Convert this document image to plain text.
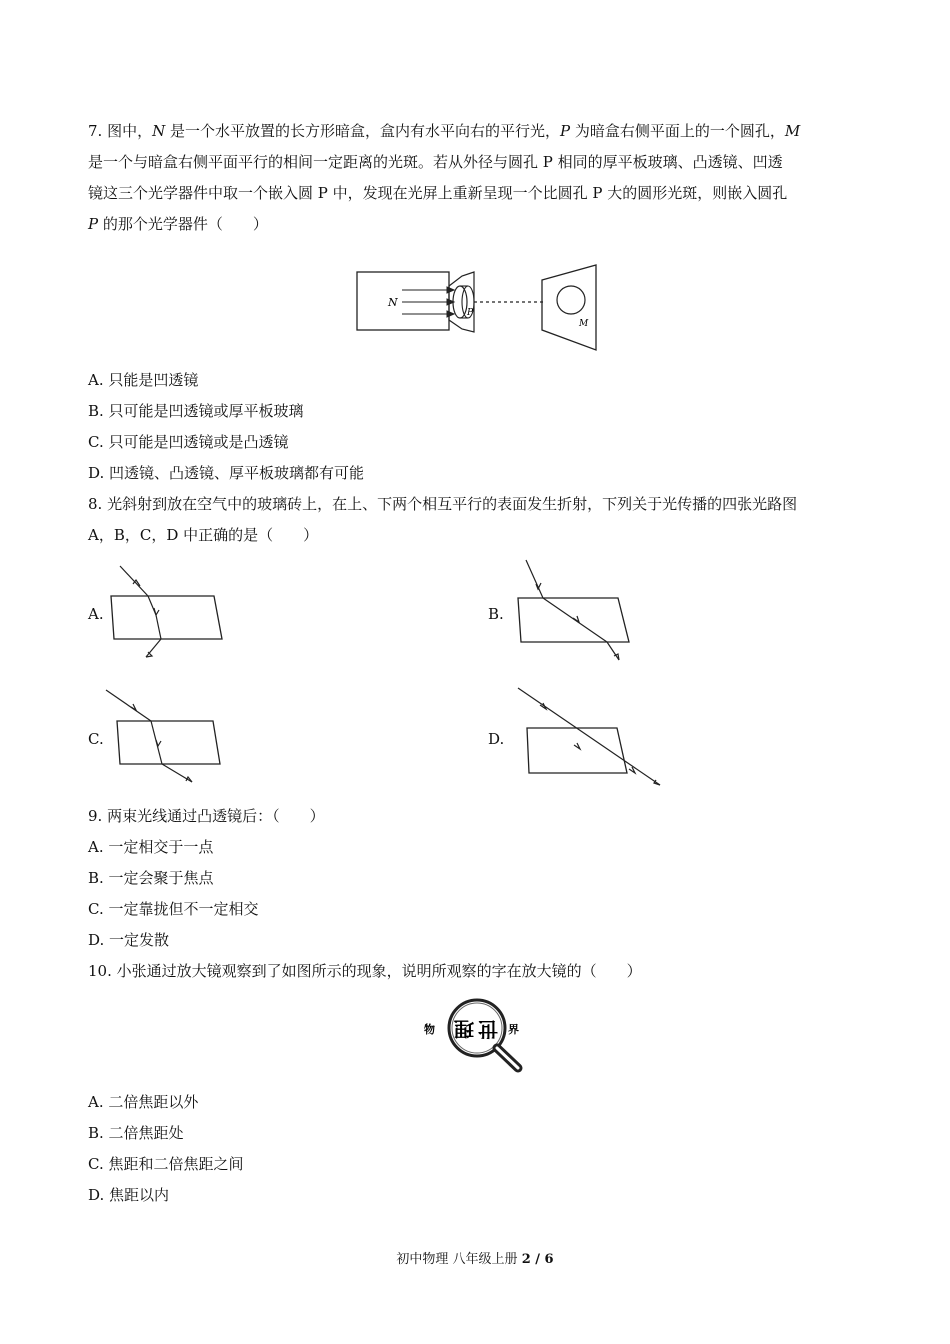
7. 图中，N 是一个水平放置的长方形暗盒，盒内有水平向右的平行光，P 为暗盒右侧平面上的一个圆孔，M
是一个与暗盒右侧平面平行的相间一定距离的光斑。若从外径与圆孔 P 相同的厚平板玻璃、凸透镜、凹透
镜这三个光学器件中取一个嵌入圆 P 中，发现在光屏上重新呈现一个比圆孔 P 大的圆形光斑，则嵌入圆孔
P 的那个光学器件（　　）
N
P
M
A. 只能是凹透镜
B. 只可能是凹透镜或厚平板玻璃
C. 只可能是凹透镜或是凸透镜
D. 凹透镜、凸透镜、厚平板玻璃都有可能
8. 光斜射到放在空气中的玻璃砖上，在上、下两个相互平行的表面发生折射，下列关于光传播的四张光路图
A，B，C，D 中正确的是（　　）
A.	B.
C.	D.
9. 两束光线通过凸透镜后：（　　）
A. 一定相交于一点
B. 一定会聚于焦点
C. 一定靠拢但不一定相交
D. 一定发散
10. 小张通过放大镜观察到了如图所示的现象，说明所观察的字在放大镜的（　　）
物 理 世 界
A. 二倍焦距以外
B. 二倍焦距处
C. 焦距和二倍焦距之间
D. 焦距以内
初中物理 八年级上册 2 / 6
